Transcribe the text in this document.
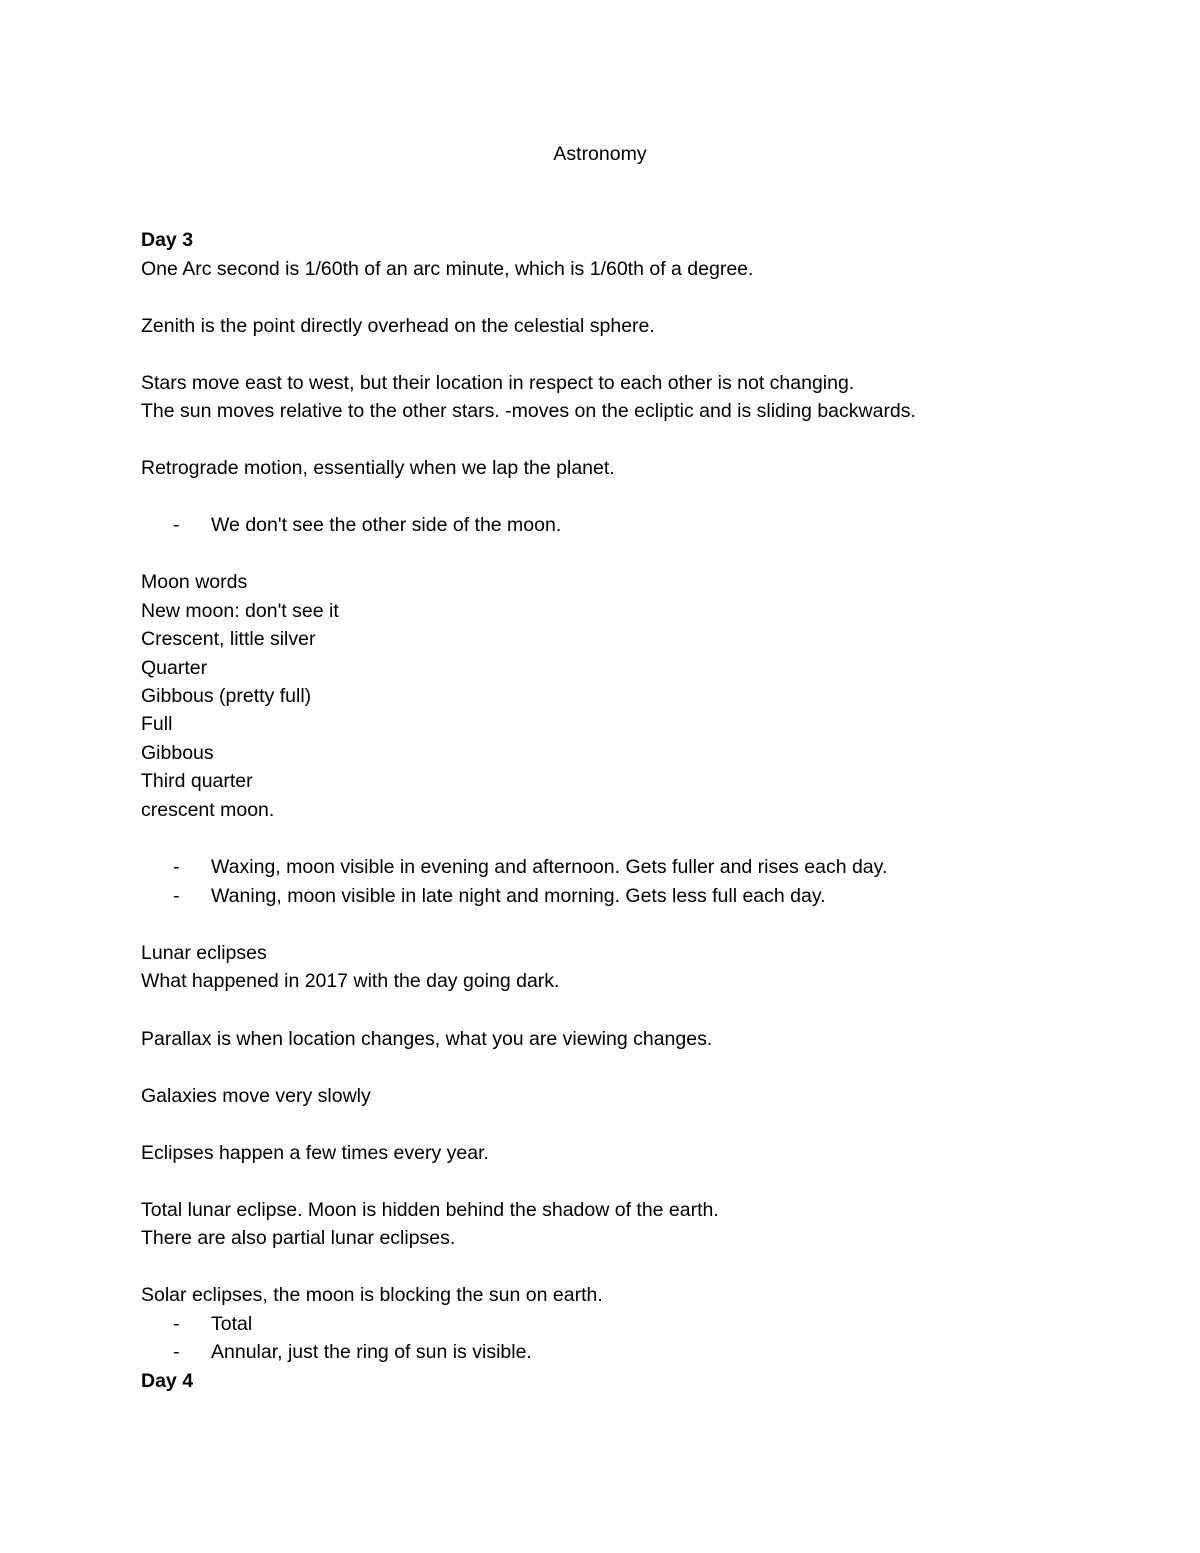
Astronomy
Day 3
One Arc second is 1/60th of an arc minute, which is 1/60th of a degree.
Zenith is the point directly overhead on the celestial sphere.
Stars move east to west, but their location in respect to each other is not changing.
The sun moves relative to the other stars. -moves on the ecliptic and is sliding backwards.
Retrograde motion, essentially when we lap the planet.
- We don't see the other side of the moon.
Moon words
New moon: don't see it
Crescent, little silver
Quarter
Gibbous (pretty full)
Full
Gibbous
Third quarter
crescent moon.
- Waxing, moon visible in evening and afternoon. Gets fuller and rises each day.
- Waning, moon visible in late night and morning. Gets less full each day.
Lunar eclipses
What happened in 2017 with the day going dark.
Parallax is when location changes, what you are viewing changes.
Galaxies move very slowly
Eclipses happen a few times every year.
Total lunar eclipse. Moon is hidden behind the shadow of the earth.
There are also partial lunar eclipses.
Solar eclipses, the moon is blocking the sun on earth.
- Total
- Annular, just the ring of sun is visible.
Day 4
